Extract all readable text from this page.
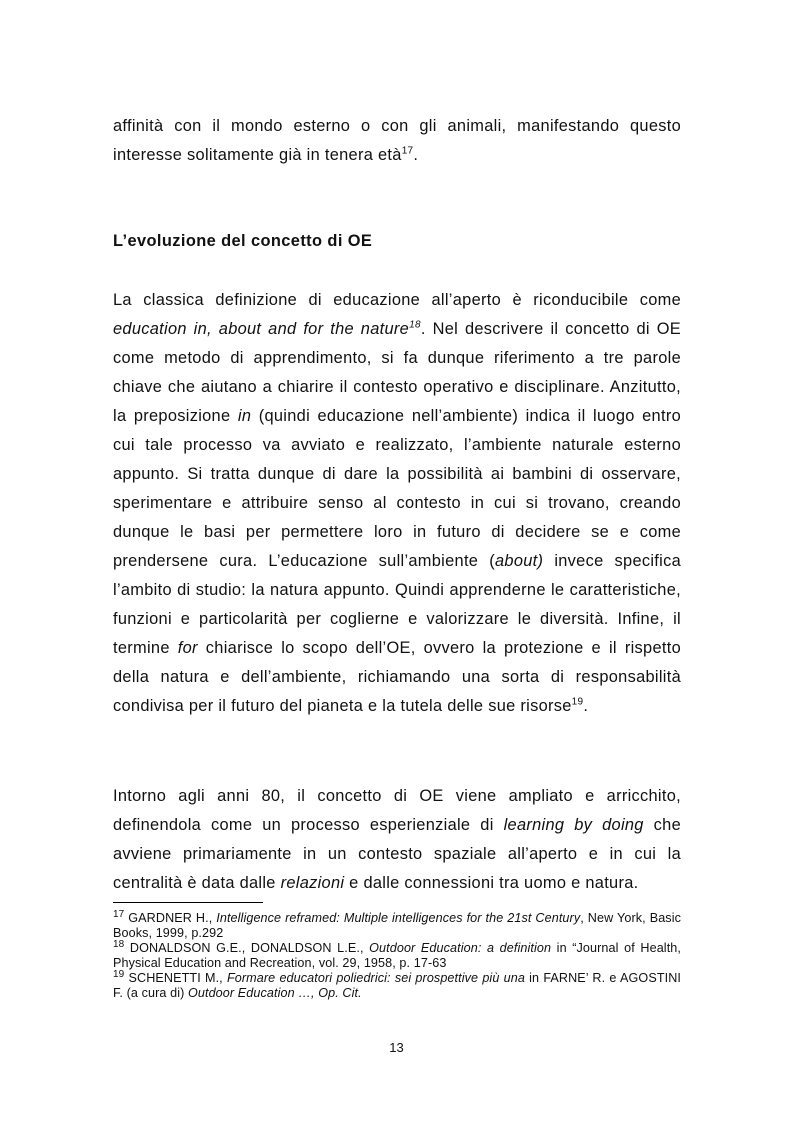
affinità con il mondo esterno o con gli animali, manifestando questo interesse solitamente già in tenera età$^{17}$.
L’evoluzione del concetto di OE
La classica definizione di educazione all’aperto è riconducibile come education in, about and for the nature$^{18}$. Nel descrivere il concetto di OE come metodo di apprendimento, si fa dunque riferimento a tre parole chiave che aiutano a chiarire il contesto operativo e disciplinare. Anzitutto, la preposizione in (quindi educazione nell’ambiente) indica il luogo entro cui tale processo va avviato e realizzato, l’ambiente naturale esterno appunto. Si tratta dunque di dare la possibilità ai bambini di osservare, sperimentare e attribuire senso al contesto in cui si trovano, creando dunque le basi per permettere loro in futuro di decidere se e come prendersene cura. L’educazione sull’ambiente (about) invece specifica l’ambito di studio: la natura appunto. Quindi apprenderne le caratteristiche, funzioni e particolarità per coglierne e valorizzare le diversità. Infine, il termine for chiarisce lo scopo dell’OE, ovvero la protezione e il rispetto della natura e dell’ambiente, richiamando una sorta di responsabilità condivisa per il futuro del pianeta e la tutela delle sue risorse$^{19}$.
Intorno agli anni 80, il concetto di OE viene ampliato e arricchito, definendola come un processo esperienziale di learning by doing che avviene primariamente in un contesto spaziale all’aperto e in cui la centralità è data dalle relazioni e dalle connessioni tra uomo e natura.

$^{17}$ GARDNER H., Intelligence reframed: Multiple intelligences for the 21st Century, New York, Basic Books, 1999, p.292

$^{18}$ DONALDSON G.E., DONALDSON L.E., Outdoor Education: a definition in “Journal of Health, Physical Education and Recreation, vol. 29, 1958, p. 17-63

$^{19}$ SCHENETTI M., Formare educatori poliedrici: sei prospettive più una in FARNE’ R. e AGOSTINI F. (a cura di) Outdoor Education …, Op. Cit.

13
